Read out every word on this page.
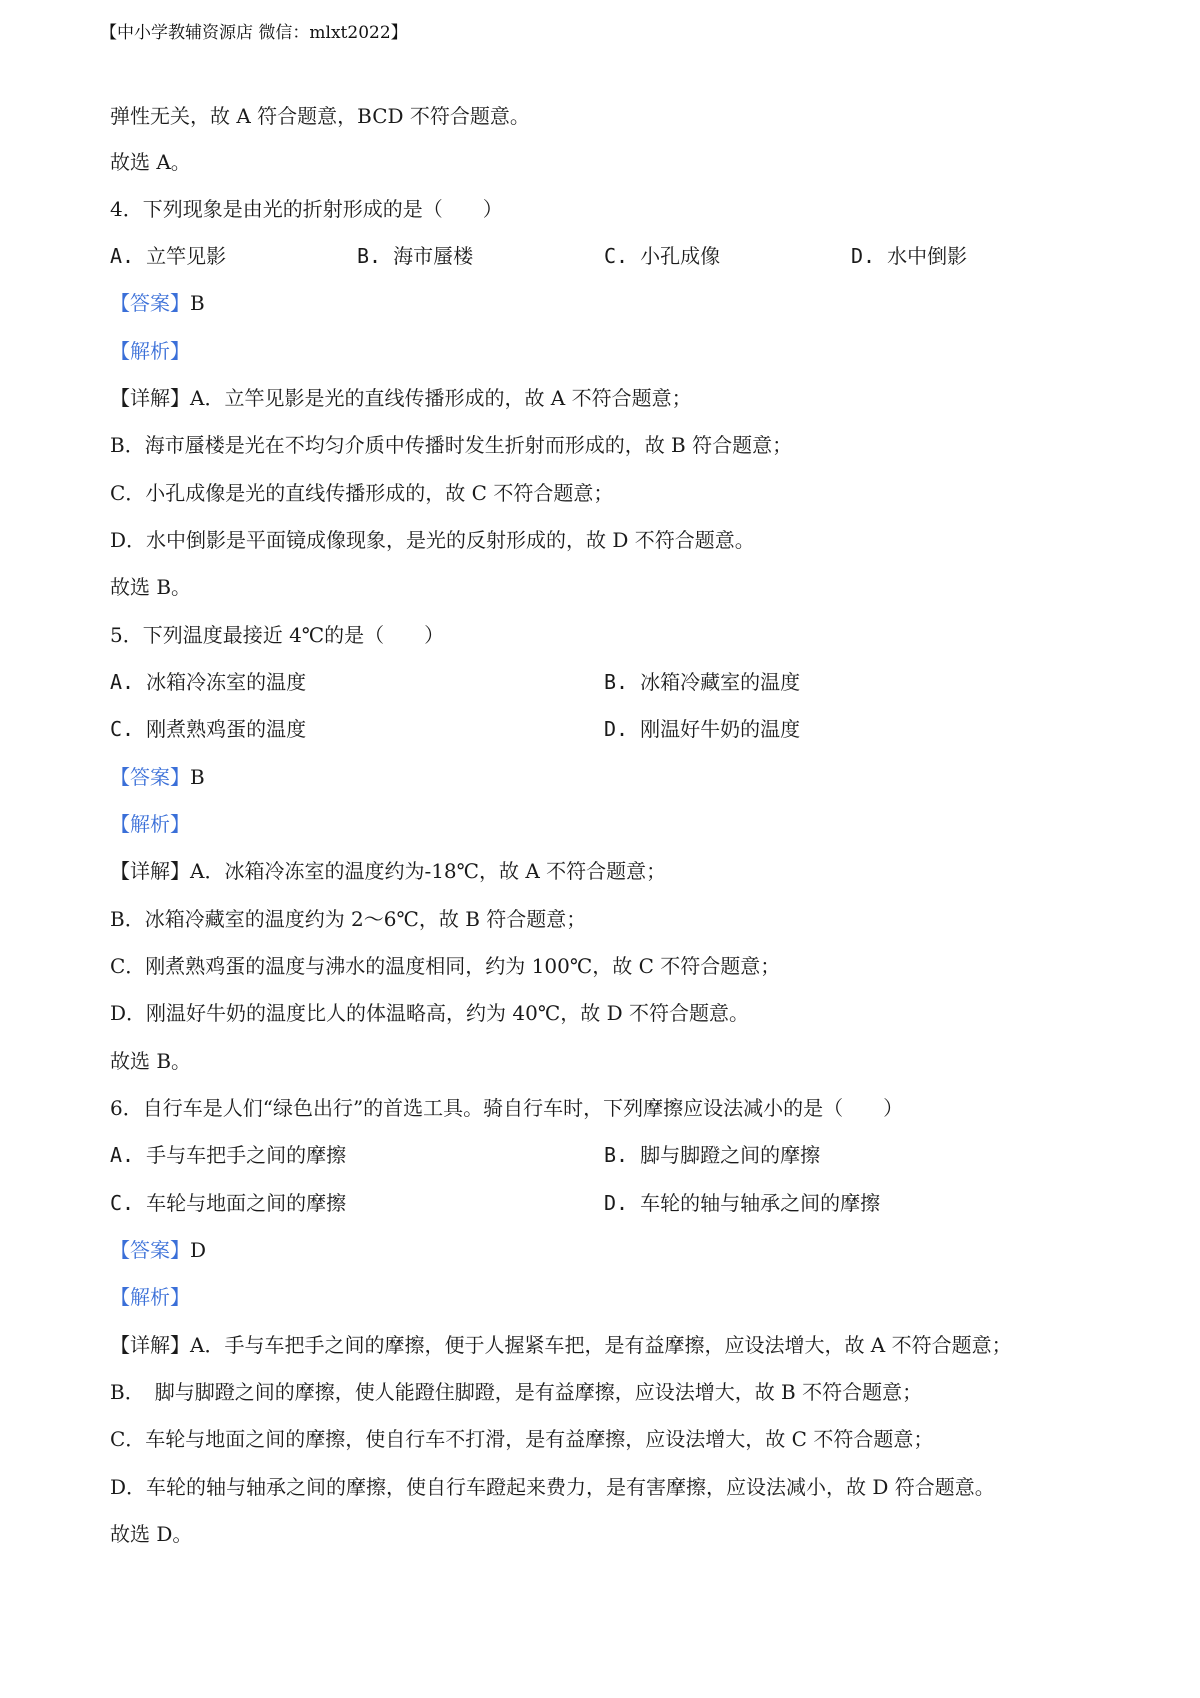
【中小学教辅资源店 微信：mlxt2022】
弹性无关，故 A 符合题意，BCD 不符合题意。
故选 A。
4．下列现象是由光的折射形成的是（　　）
A. 立竿见影	B. 海市蜃楼	C. 小孔成像	D. 水中倒影
【答案】B
【解析】
【详解】A．立竿见影是光的直线传播形成的，故 A 不符合题意；
B．海市蜃楼是光在不均匀介质中传播时发生折射而形成的，故 B 符合题意；
C．小孔成像是光的直线传播形成的，故 C 不符合题意；
D．水中倒影是平面镜成像现象，是光的反射形成的，故 D 不符合题意。
故选 B。
5．下列温度最接近 4℃的是（　　）
A. 冰箱冷冻室的温度	B. 冰箱冷藏室的温度
C. 刚煮熟鸡蛋的温度	D. 刚温好牛奶的温度
【答案】B
【解析】
【详解】A．冰箱冷冻室的温度约为-18℃，故 A 不符合题意；
B．冰箱冷藏室的温度约为 2～6℃，故 B 符合题意；
C．刚煮熟鸡蛋的温度与沸水的温度相同，约为 100℃，故 C 不符合题意；
D．刚温好牛奶的温度比人的体温略高，约为 40℃，故 D 不符合题意。
故选 B。
6．自行车是人们“绿色出行”的首选工具。骑自行车时，下列摩擦应设法减小的是（　　）
A. 手与车把手之间的摩擦	B. 脚与脚蹬之间的摩擦
C. 车轮与地面之间的摩擦	D. 车轮的轴与轴承之间的摩擦
【答案】D
【解析】
【详解】A．手与车把手之间的摩擦，便于人握紧车把，是有益摩擦，应设法增大，故 A 不符合题意；
B．　脚与脚蹬之间的摩擦，使人能蹬住脚蹬，是有益摩擦，应设法增大，故 B 不符合题意；
C．车轮与地面之间的摩擦，使自行车不打滑，是有益摩擦，应设法增大，故 C 不符合题意；
D．车轮的轴与轴承之间的摩擦，使自行车蹬起来费力，是有害摩擦，应设法减小，故 D 符合题意。
故选 D。
